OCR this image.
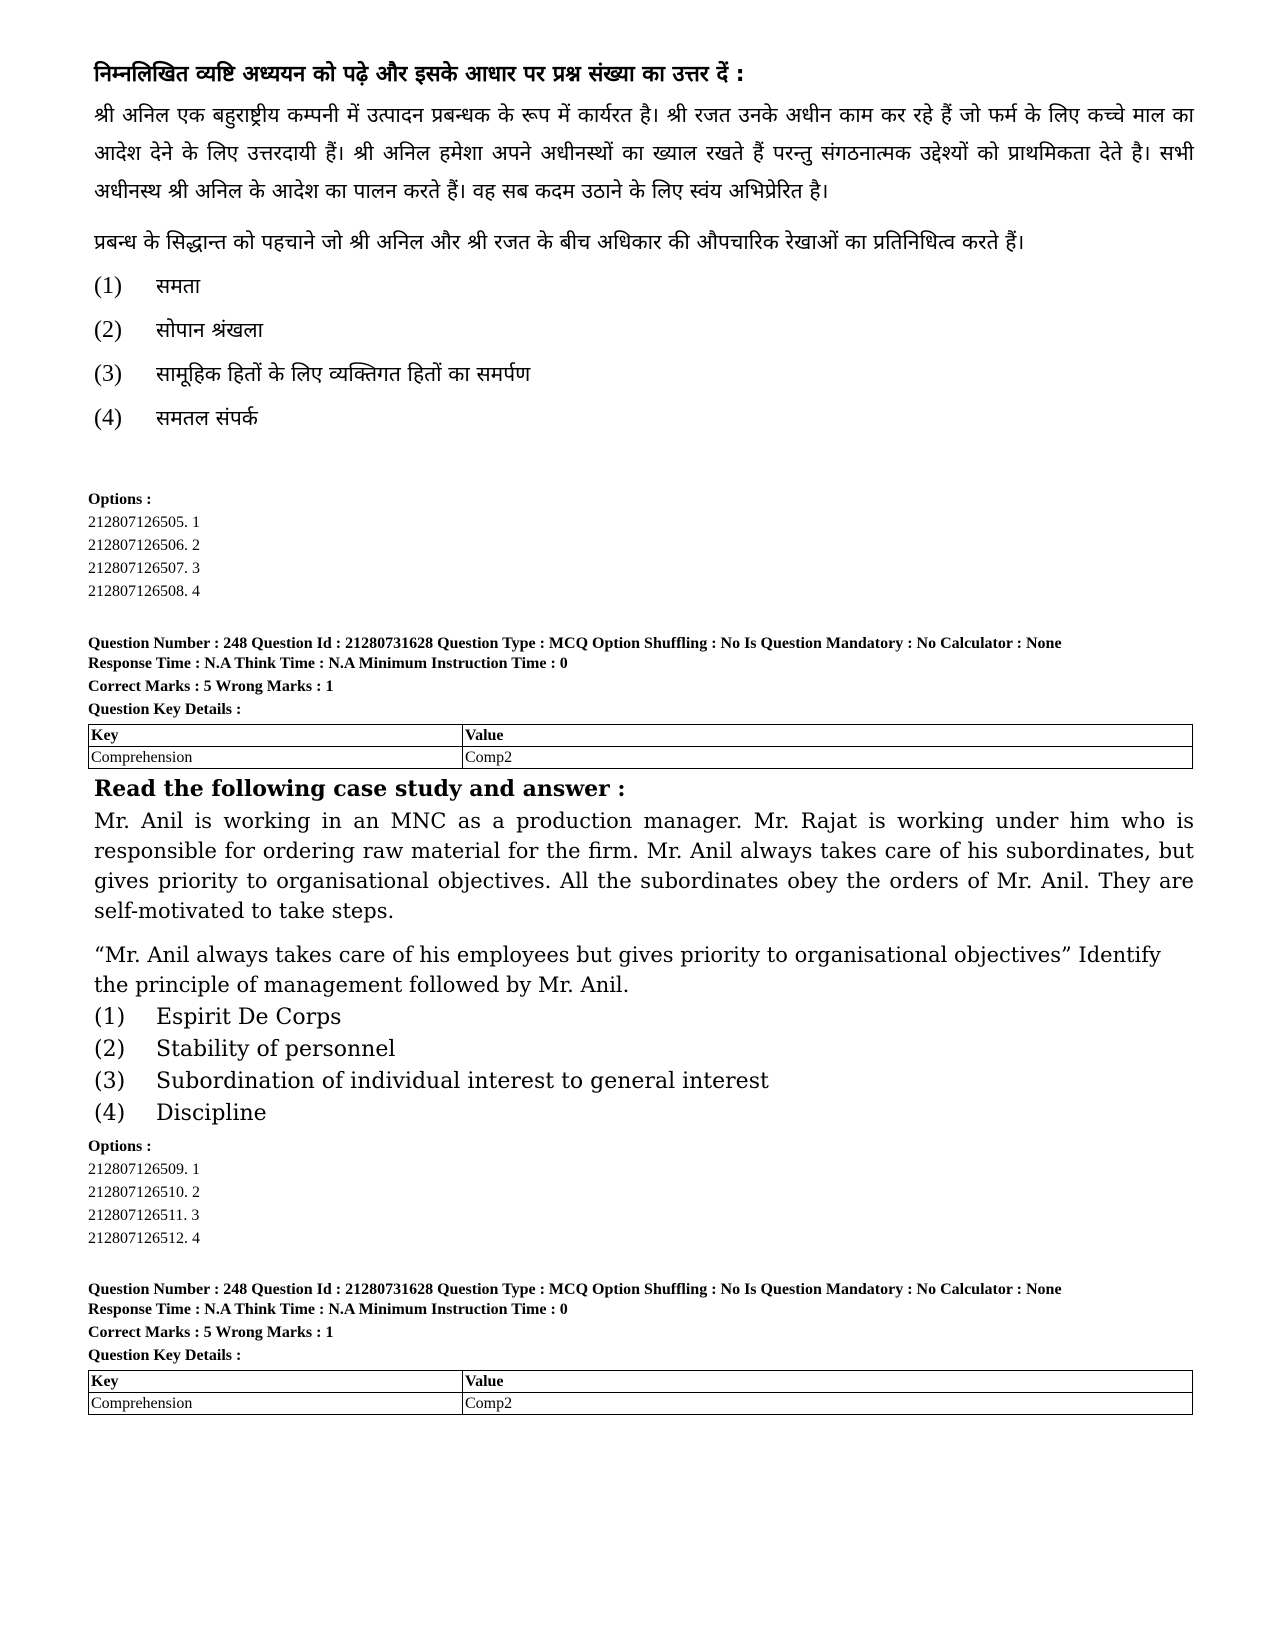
निम्नलिखित व्यष्टि अध्ययन को पढ़े और इसके आधार पर प्रश्न संख्या का उत्तर दें :

श्री अनिल एक बहुराष्ट्रीय कम्पनी में उत्पादन प्रबन्धक के रूप में कार्यरत है। श्री रजत उनके अधीन काम कर रहे हैं जो फर्म के लिए कच्चे माल का आदेश देने के लिए उत्तरदायी हैं। श्री अनिल हमेशा अपने अधीनस्थों का ख्याल रखते हैं परन्तु संगठनात्मक उद्देश्यों को प्राथमिकता देते है। सभी अधीनस्थ श्री अनिल के आदेश का पालन करते हैं। वह सब कदम उठाने के लिए स्वंय अभिप्रेरित है।

प्रबन्ध के सिद्धान्त को पहचाने जो श्री अनिल और श्री रजत के बीच अधिकार की औपचारिक रेखाओं का प्रतिनिधित्व करते हैं।

(1) समता
(2) सोपान श्रंखला
(3) सामूहिक हितों के लिए व्यक्तिगत हितों का समर्पण
(4) समतल संपर्क
Options :
212807126505. 1
212807126506. 2
212807126507. 3
212807126508. 4
Question Number : 248 Question Id : 21280731628 Question Type : MCQ Option Shuffling : No Is Question Mandatory : No Calculator : None
Response Time : N.A Think Time : N.A Minimum Instruction Time : 0
Correct Marks : 5 Wrong Marks : 1
Question Key Details :
Key	Value
Comprehension	Comp2
Read the following case study and answer :

Mr. Anil is working in an MNC as a production manager. Mr. Rajat is working under him who is responsible for ordering raw material for the firm. Mr. Anil always takes care of his subordinates, but gives priority to organisational objectives. All the subordinates obey the orders of Mr. Anil. They are self-motivated to take steps.

“Mr. Anil always takes care of his employees but gives priority to organisational objectives” Identify the principle of management followed by Mr. Anil.

(1) Espirit De Corps
(2) Stability of personnel
(3) Subordination of individual interest to general interest
(4) Discipline
Options :
212807126509. 1
212807126510. 2
212807126511. 3
212807126512. 4
Question Number : 248 Question Id : 21280731628 Question Type : MCQ Option Shuffling : No Is Question Mandatory : No Calculator : None
Response Time : N.A Think Time : N.A Minimum Instruction Time : 0
Correct Marks : 5 Wrong Marks : 1
Question Key Details :
Key	Value
Comprehension	Comp2
